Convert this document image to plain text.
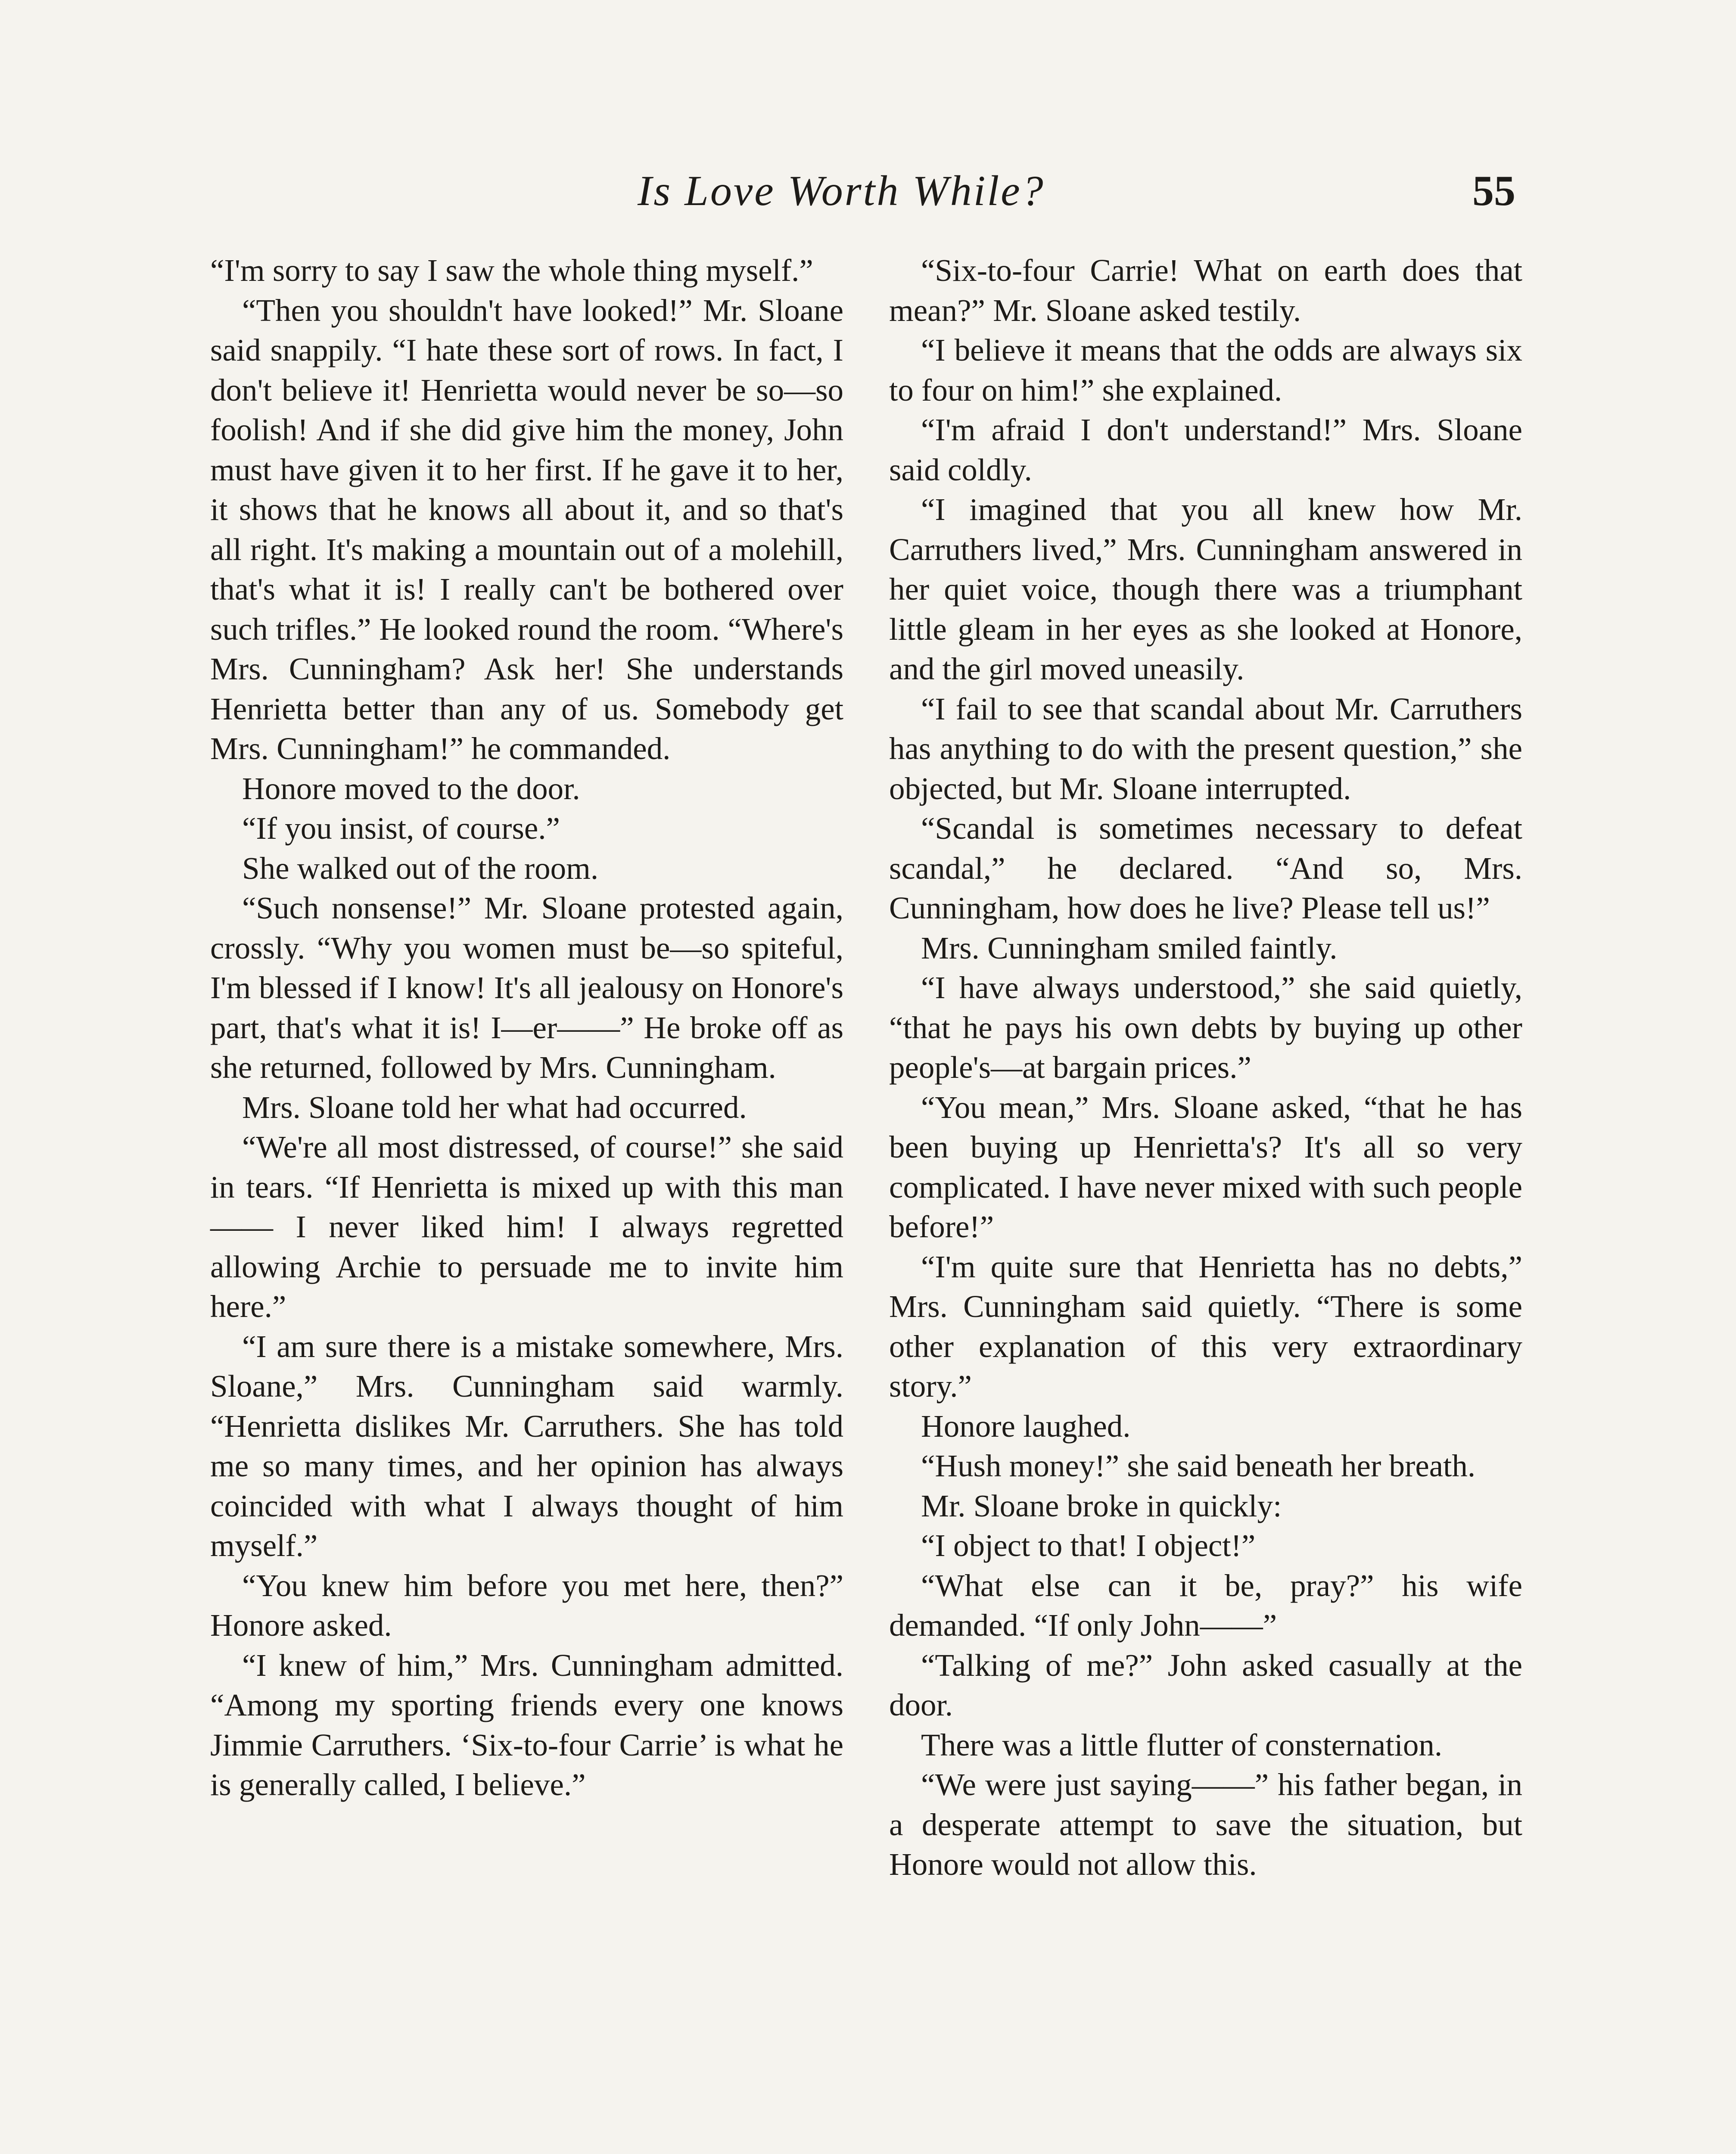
Is Love Worth While?	55

“I'm sorry to say I saw the whole thing myself.”

“Then you shouldn't have looked!” Mr. Sloane said snappily. “I hate these sort of rows. In fact, I don't believe it! Henrietta would never be so—so foolish! And if she did give him the money, John must have given it to her first. If he gave it to her, it shows that he knows all about it, and so that's all right. It's making a mountain out of a molehill, that's what it is! I really can't be bothered over such trifles.” He looked round the room. “Where's Mrs. Cunningham? Ask her! She understands Henrietta better than any of us. Somebody get Mrs. Cunningham!” he commanded.

Honore moved to the door.

“If you insist, of course.”

She walked out of the room.

“Such nonsense!” Mr. Sloane protested again, crossly. “Why you women must be—so spiteful, I'm blessed if I know! It's all jealousy on Honore's part, that's what it is! I—er——” He broke off as she returned, followed by Mrs. Cunningham.

Mrs. Sloane told her what had occurred.

“We're all most distressed, of course!” she said in tears. “If Henrietta is mixed up with this man—— I never liked him! I always regretted allowing Archie to persuade me to invite him here.”

“I am sure there is a mistake somewhere, Mrs. Sloane,” Mrs. Cunningham said warmly. “Henrietta dislikes Mr. Carruthers. She has told me so many times, and her opinion has always coincided with what I always thought of him myself.”

“You knew him before you met here, then?” Honore asked.

“I knew of him,” Mrs. Cunningham admitted. “Among my sporting friends every one knows Jimmie Carruthers. ‘Six-to-four Carrie’ is what he is generally called, I believe.”

“Six-to-four Carrie! What on earth does that mean?” Mr. Sloane asked testily.

“I believe it means that the odds are always six to four on him!” she explained.

“I'm afraid I don't understand!” Mrs. Sloane said coldly.

“I imagined that you all knew how Mr. Carruthers lived,” Mrs. Cunningham answered in her quiet voice, though there was a triumphant little gleam in her eyes as she looked at Honore, and the girl moved uneasily.

“I fail to see that scandal about Mr. Carruthers has anything to do with the present question,” she objected, but Mr. Sloane interrupted.

“Scandal is sometimes necessary to defeat scandal,” he declared. “And so, Mrs. Cunningham, how does he live? Please tell us!”

Mrs. Cunningham smiled faintly.

“I have always understood,” she said quietly, “that he pays his own debts by buying up other people's—at bargain prices.”

“You mean,” Mrs. Sloane asked, “that he has been buying up Henrietta's? It's all so very complicated. I have never mixed with such people before!”

“I'm quite sure that Henrietta has no debts,” Mrs. Cunningham said quietly. “There is some other explanation of this very extraordinary story.”

Honore laughed.

“Hush money!” she said beneath her breath.

Mr. Sloane broke in quickly:

“I object to that! I object!”

“What else can it be, pray?” his wife demanded. “If only John——”

“Talking of me?” John asked casually at the door.

There was a little flutter of consternation.

“We were just saying——” his father began, in a desperate attempt to save the situation, but Honore would not allow this.
